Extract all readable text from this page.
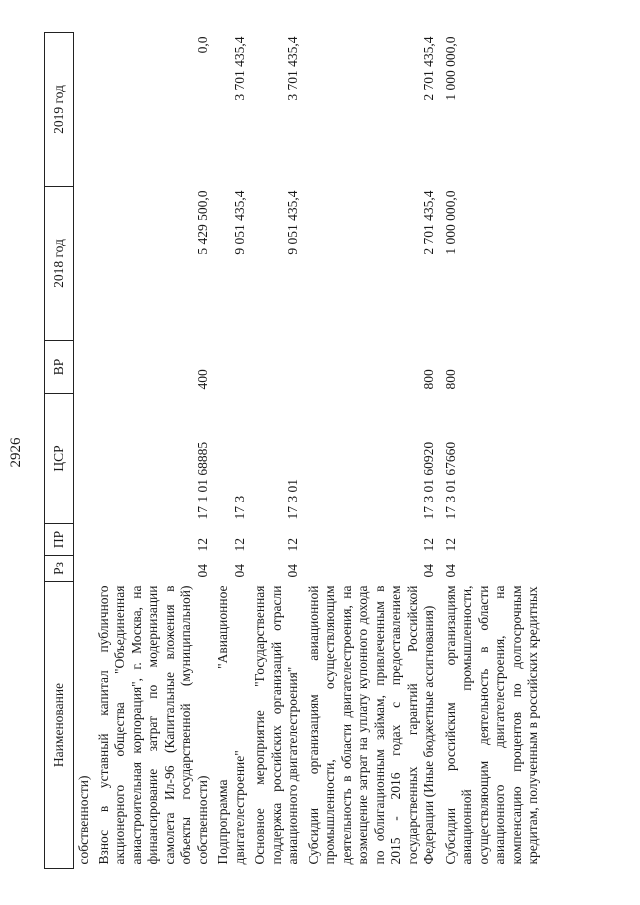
2926
Наименование	Рз	ПР	ЦСР	ВР	2018 год	2019 год
собственности)						
Взнос в уставный капитал публичного акционерного общества "Объединенная авиастроительная корпорация", г. Москва, на финансирование затрат по модернизации самолета Ил-96 (Капитальные вложения в объекты государственной (муниципальной) собственности)	04	12	17 1 01 68885	400	5 429 500,0	0,0
Подпрограмма "Авиационное двигателестроение"	04	12	17 3		9 051 435,4	3 701 435,4
Основное мероприятие "Государственная поддержка российских организаций отрасли авиационного двигателестроения"	04	12	17 3 01		9 051 435,4	3 701 435,4
Субсидии организациям авиационной промышленности, осуществляющим деятельность в области двигателестроения, на возмещение затрат на уплату купонного дохода по облигационным займам, привлеченным в 2015 - 2016 годах с предоставлением государственных гарантий Российской Федерации (Иные бюджетные ассигнования)	04	12	17 3 01 60920	800	2 701 435,4	2 701 435,4
Субсидии российским организациям авиационной промышленности, осуществляющим деятельность в области авиационного двигателестроения, на компенсацию процентов по долгосрочным кредитам, полученным в российских кредитных	04	12	17 3 01 67660	800	1 000 000,0	1 000 000,0
